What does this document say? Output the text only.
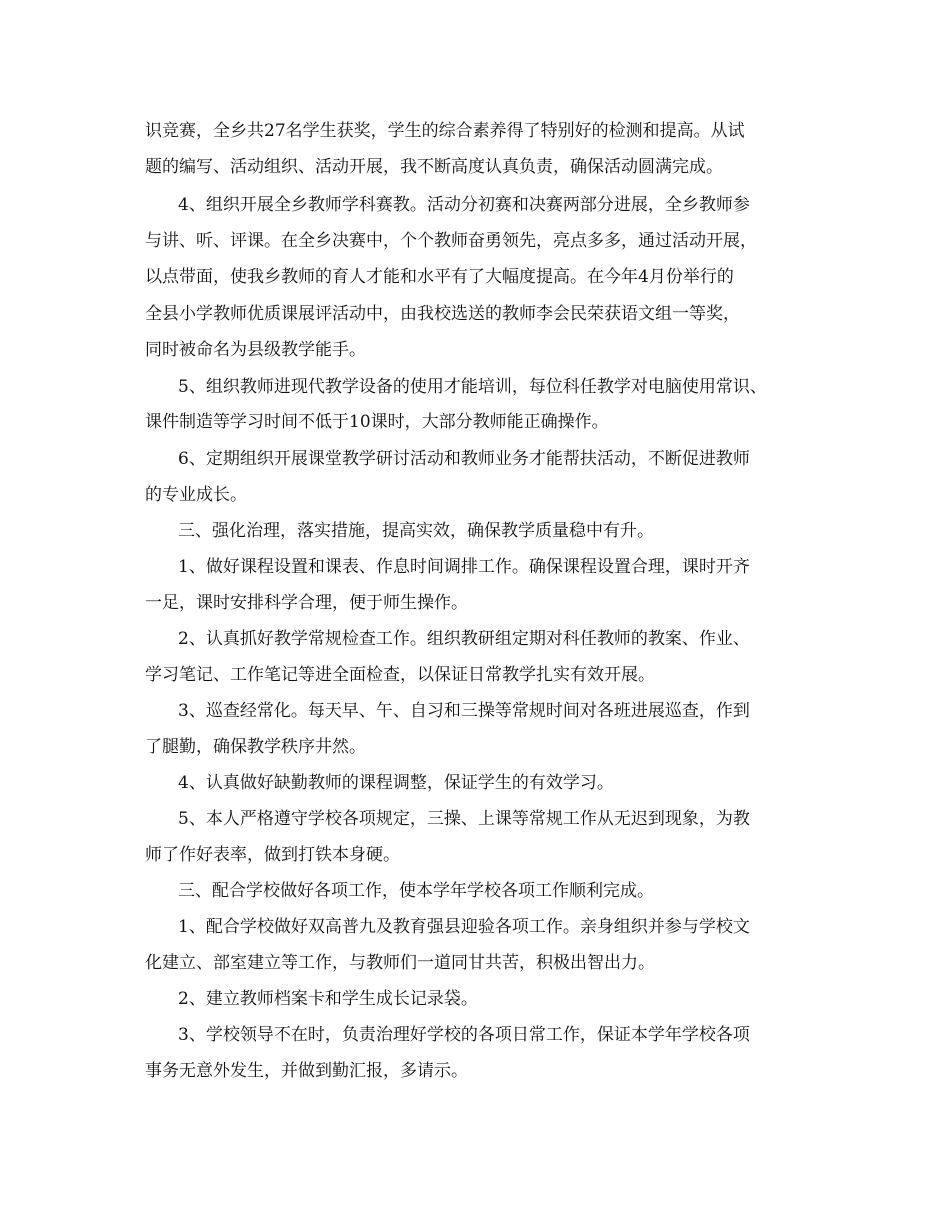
识竞赛，全乡共27名学生获奖，学生的综合素养得了特别好的检测和提高。从试
题的编写、活动组织、活动开展，我不断高度认真负责，确保活动圆满完成。
4、组织开展全乡教师学科赛教。活动分初赛和决赛两部分进展，全乡教师参
与讲、听、评课。在全乡决赛中，个个教师奋勇领先，亮点多多，通过活动开展，
以点带面，使我乡教师的育人才能和水平有了大幅度提高。在今年4月份举行的
全县小学教师优质课展评活动中，由我校选送的教师李会民荣获语文组一等奖，
同时被命名为县级教学能手。
5、组织教师进现代教学设备的使用才能培训，每位科任教学对电脑使用常识、
课件制造等学习时间不低于10课时，大部分教师能正确操作。
6、定期组织开展课堂教学研讨活动和教师业务才能帮扶活动，不断促进教师
的专业成长。
三、强化治理，落实措施，提高实效，确保教学质量稳中有升。
1、做好课程设置和课表、作息时间调排工作。确保课程设置合理，课时开齐
一足，课时安排科学合理，便于师生操作。
2、认真抓好教学常规检查工作。组织教研组定期对科任教师的教案、作业、
学习笔记、工作笔记等进全面检查，以保证日常教学扎实有效开展。
3、巡查经常化。每天早、午、自习和三操等常规时间对各班进展巡查，作到
了腿勤，确保教学秩序井然。
4、认真做好缺勤教师的课程调整，保证学生的有效学习。
5、本人严格遵守学校各项规定，三操、上课等常规工作从无迟到现象，为教
师了作好表率，做到打铁本身硬。
三、配合学校做好各项工作，使本学年学校各项工作顺利完成。
1、配合学校做好双高普九及教育强县迎验各项工作。亲身组织并参与学校文
化建立、部室建立等工作，与教师们一道同甘共苦，积极出智出力。
2、建立教师档案卡和学生成长记录袋。
3、学校领导不在时，负责治理好学校的各项日常工作，保证本学年学校各项
事务无意外发生，并做到勤汇报，多请示。
